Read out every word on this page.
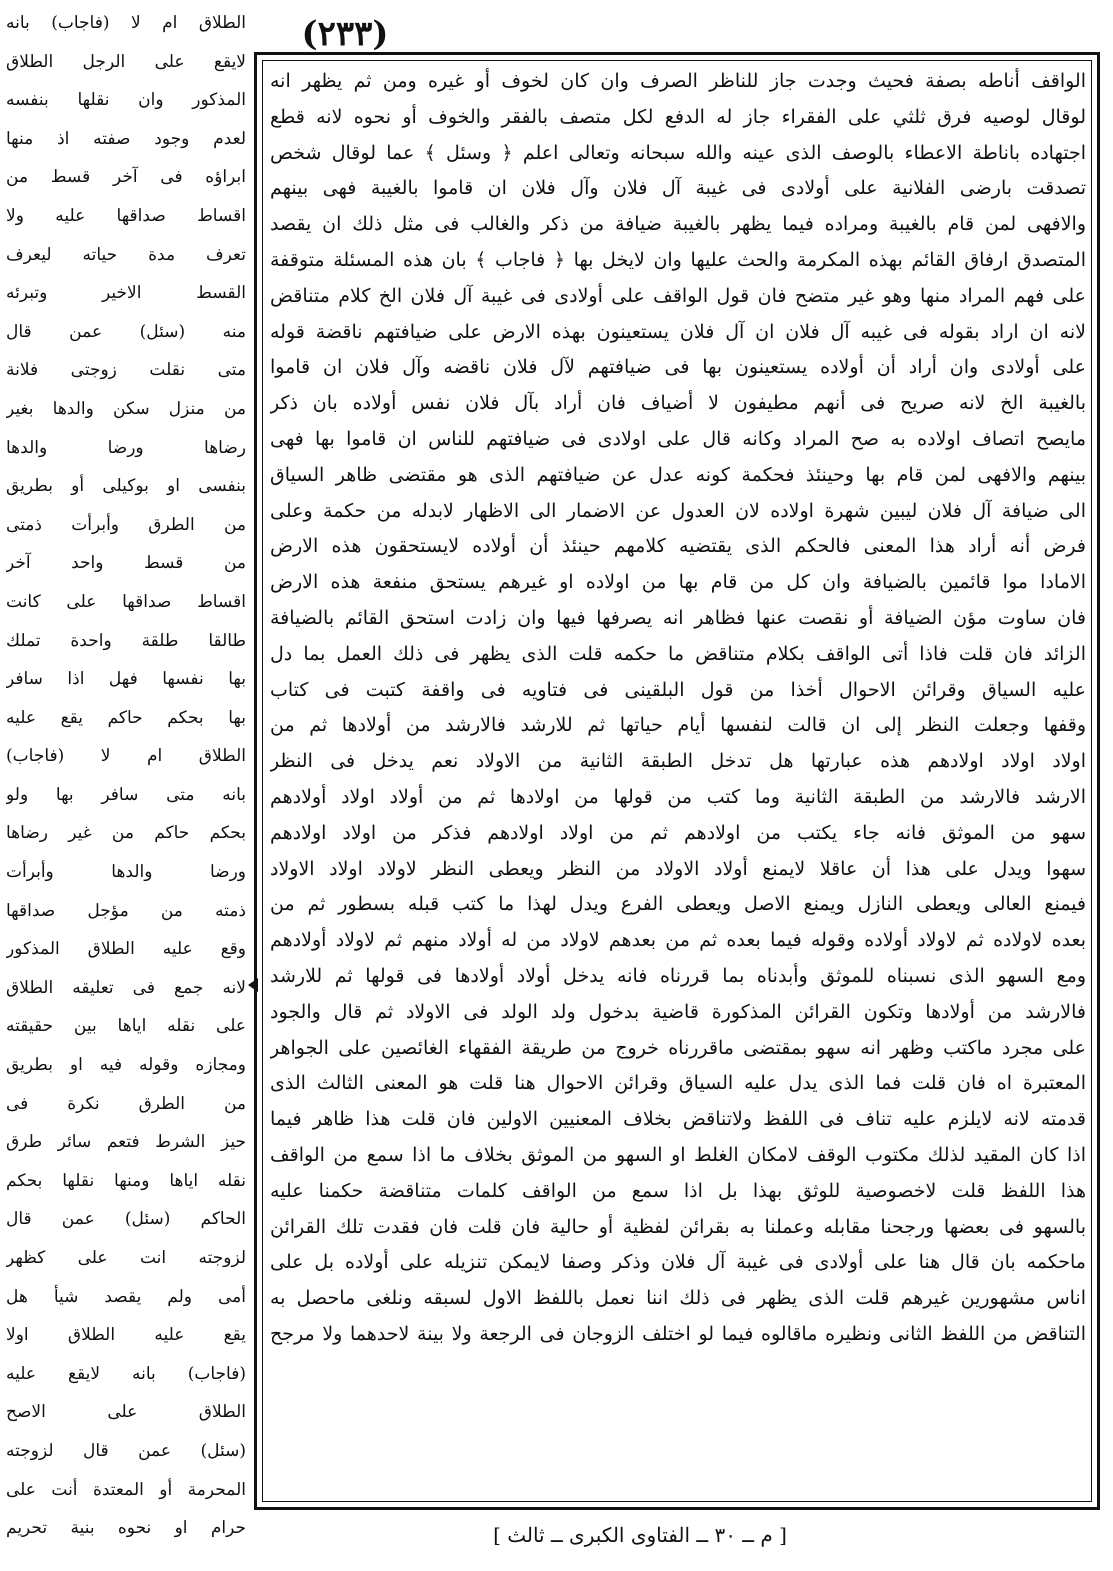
(٢٣٣)
الطلاق ام لا (فاجاب) بانه
لايقع على الرجل الطلاق
المذكور وان نقلها بنفسه
لعدم وجود صفته اذ منها
ابراؤه فى آخر قسط من
اقساط صداقها عليه ولا
تعرف مدة حياته ليعرف
القسط الاخير وتبرئه
منه (سئل) عمن قال
متى نقلت زوجتى فلانة
من منزل سكن والدها بغير
رضاها ورضا والدها
بنفسى او بوكيلى أو بطريق
من الطرق وأبرأت ذمتى
من قسط واحد آخر
اقساط صداقها على كانت
طالقا طلقة واحدة تملك
بها نفسها فهل اذا سافر
بها بحكم حاكم يقع عليه
الطلاق ام لا (فاجاب)
بانه متى سافر بها ولو
بحكم حاكم من غير رضاها
ورضا والدها وأبرأت
ذمته من مؤجل صداقها
وقع عليه الطلاق المذكور
لانه جمع فى تعليقه الطلاق
على نقله اياها بين حقيقته
ومجازه وقوله فيه او بطريق
من الطرق نكرة فى
حيز الشرط فتعم سائر طرق
نقله اياها ومنها نقلها بحكم
الحاكم (سئل) عمن قال
لزوجته انت على كظهر
أمى ولم يقصد شيأ هل
يقع عليه الطلاق اولا
(فاجاب) بانه لايقع عليه
الطلاق على الاصح
(سئل) عمن قال لزوجته
المحرمة أو المعتدة أنت على
حرام او نحوه بنية تحريم
الواقف أناطه بصفة فحيث وجدت جاز للناظر الصرف وان كان لخوف أو غيره ومن ثم يظهر انه
لوقال لوصيه فرق ثلثي على الفقراء جاز له الدفع لكل متصف بالفقر والخوف أو نحوه لانه قطع
اجتهاده باناطة الاعطاء بالوصف الذى عينه والله سبحانه وتعالى اعلم ﴿ وسئل ﴾ عما لوقال شخص
تصدقت بارضى الفلانية على أولادى فى غيبة آل فلان وآل فلان ان قاموا بالغيبة فهى بينهم
والافهى لمن قام بالغيبة ومراده فيما يظهر بالغيبة ضيافة من ذكر والغالب فى مثل ذلك ان يقصد
المتصدق ارفاق القائم بهذه المكرمة والحث عليها وان لايخل بها ﴿ فاجاب ﴾ بان هذه المسئلة متوقفة
على فهم المراد منها وهو غير متضح فان قول الواقف على أولادى فى غيبة آل فلان الخ كلام متناقض
لانه ان اراد بقوله فى غيبه آل فلان ان آل فلان يستعينون بهذه الارض على ضيافتهم ناقضة قوله
على أولادى وان أراد أن أولاده يستعينون بها فى ضيافتهم لآل فلان ناقضه وآل فلان ان قاموا
بالغيبة الخ لانه صريح فى أنهم مطيفون لا أضياف فان أراد بآل فلان نفس أولاده بان ذكر
مايصح اتصاف اولاده به صح المراد وكانه قال على اولادى فى ضيافتهم للناس ان قاموا بها فهى
بينهم والافهى لمن قام بها وحينئذ فحكمة كونه عدل عن ضيافتهم الذى هو مقتضى ظاهر السياق
الى ضيافة آل فلان ليبين شهرة اولاده لان العدول عن الاضمار الى الاظهار لابدله من حكمة وعلى
فرض أنه أراد هذا المعنى فالحكم الذى يقتضيه كلامهم حينئذ أن أولاده لايستحقون هذه الارض
الامادا موا قائمين بالضيافة وان كل من قام بها من اولاده او غيرهم يستحق منفعة هذه الارض
فان ساوت مؤن الضيافة أو نقصت عنها فظاهر انه يصرفها فيها وان زادت استحق القائم بالضيافة
الزائد فان قلت فاذا أتى الواقف بكلام متناقض ما حكمه قلت الذى يظهر فى ذلك العمل بما دل
عليه السياق وقرائن الاحوال أخذا من قول البلقينى فى فتاويه فى واقفة كتبت فى كتاب
وقفها وجعلت النظر إلى ان قالت لنفسها أيام حياتها ثم للارشد فالارشد من أولادها ثم من
اولاد اولاد اولادهم هذه عبارتها هل تدخل الطبقة الثانية من الاولاد نعم يدخل فى النظر
الارشد فالارشد من الطبقة الثانية وما كتب من قولها من اولادها ثم من أولاد اولاد أولادهم
سهو من الموثق فانه جاء يكتب من اولادهم ثم من اولاد اولادهم فذكر من اولاد اولادهم
سهوا ويدل على هذا أن عاقلا لايمنع أولاد الاولاد من النظر ويعطى النظر لاولاد اولاد الاولاد
فيمنع العالى ويعطى النازل ويمنع الاصل ويعطى الفرع ويدل لهذا ما كتب قبله بسطور ثم من
بعده لاولاده ثم لاولاد أولاده وقوله فيما بعده ثم من بعدهم لاولاد من له أولاد منهم ثم لاولاد أولادهم
ومع السهو الذى نسبناه للموثق وأبدناه بما قررناه فانه يدخل أولاد أولادها فى قولها ثم للارشد
فالارشد من أولادها وتكون القرائن المذكورة قاضية بدخول ولد الولد فى الاولاد ثم قال والجود
على مجرد ماكتب وظهر انه سهو بمقتضى ماقررناه خروج من طريقة الفقهاء الغائصين على الجواهر
المعتبرة اه فان قلت فما الذى يدل عليه السياق وقرائن الاحوال هنا قلت هو المعنى الثالث الذى
قدمته لانه لايلزم عليه تناف فى اللفظ ولاتناقض بخلاف المعنيين الاولين فان قلت هذا ظاهر فيما
اذا كان المقيد لذلك مكتوب الوقف لامكان الغلط او السهو من الموثق بخلاف ما اذا سمع من الواقف
هذا اللفظ قلت لاخصوصية للوثق بهذا بل اذا سمع من الواقف كلمات متناقضة حكمنا عليه
بالسهو فى بعضها ورجحنا مقابله وعملنا به بقرائن لفظية أو حالية فان قلت فان فقدت تلك القرائن
ماحكمه بان قال هنا على أولادى فى غيبة آل فلان وذكر وصفا لايمكن تنزيله على أولاده بل على
اناس مشهورين غيرهم قلت الذى يظهر فى ذلك اننا نعمل باللفظ الاول لسبقه ونلغى ماحصل به
التناقض من اللفظ الثانى ونظيره ماقالوه فيما لو اختلف الزوجان فى الرجعة ولا بينة لاحدهما ولا مرجح
[ م ــ ٣٠ ــ الفتاوى الكبرى ــ ثالث ]
